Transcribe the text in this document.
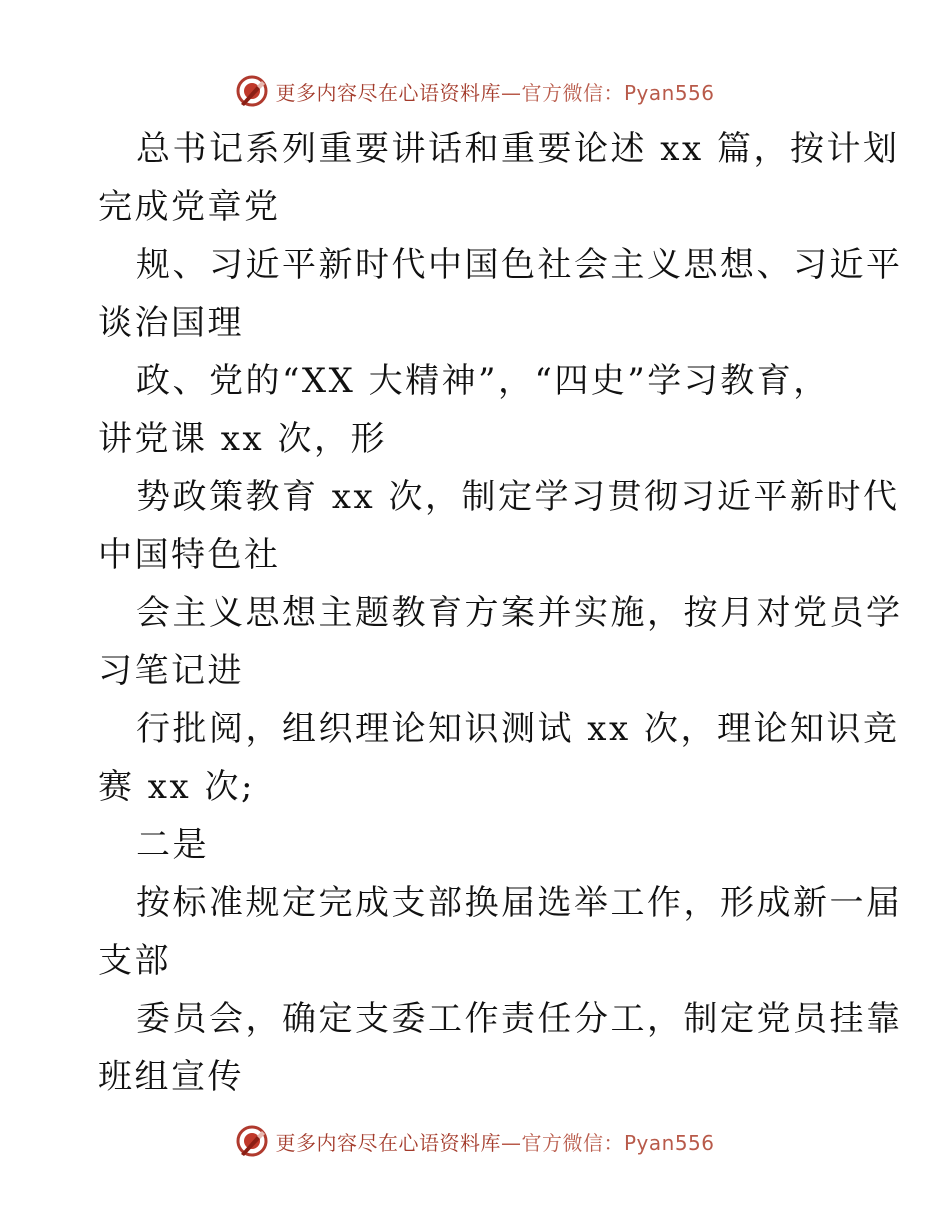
更多内容尽在心语资料库—官方微信：Pyan556
总书记系列重要讲话和重要论述 xx 篇，按计划
完成党章党
规、习近平新时代中国色社会主义思想、习近平
谈治国理
政、党的“XX 大精神”，“四史”学习教育，
讲党课 xx 次，形
势政策教育 xx 次，制定学习贯彻习近平新时代
中国特色社
会主义思想主题教育方案并实施，按月对党员学
习笔记进
行批阅，组织理论知识测试 xx 次，理论知识竞
赛 xx 次;
二是
按标准规定完成支部换届选举工作，形成新一届
支部
委员会，确定支委工作责任分工，制定党员挂靠
班组宣传
更多内容尽在心语资料库—官方微信：Pyan556
